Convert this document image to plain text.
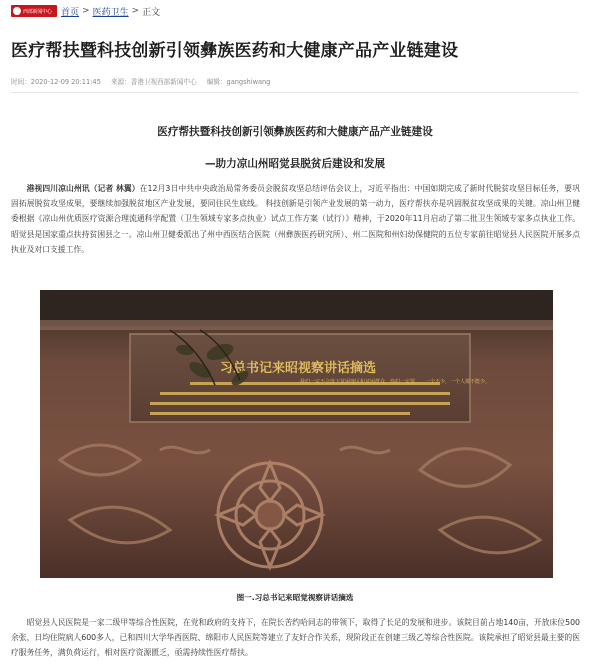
西部新闻中心 首页 > 医药卫生 > 正文
医疗帮扶暨科技创新引领彝族医药和大健康产品产业链建设
时间：2020-12-09 20:11:45 来源：香港卫视西部新闻中心 编辑：gangshiwang
医疗帮扶暨科技创新引领彝族医药和大健康产品产业链建设
—助力凉山州昭觉县脱贫后建设和发展

港视四川凉山州讯（记者 林翼）在12月3日中共中央政治局常务委员会脱贫攻坚总结评估会议上，习近平指出：中国如期完成了新时代脱贫攻坚目标任务，要巩固拓展脱贫攻坚成果，要继续加强脱贫地区产业发展，要同住民生底线。 科技创新是引领产业发展的第一动力，医疗帮扶亦是巩固脱贫攻坚成果的关键。凉山州卫健委根据《凉山州优质医疗资源合理流通科学配置（卫生领域专家多点执业）试点工作方案（试行）》精神，于2020年11月启动了第二批卫生领域专家多点执业工作。 昭觉县是国家重点扶持贫困县之一。凉山州卫健委派出了州中西医结合医院（州彝族医药研究所）、州二医院和州妇幼保健院的五位专家前往昭觉县人民医院开展多点执业及对口支援工作。

习总书记来昭视察讲话摘选
我们一定不会落下贫困地区和贫困群众，你们一定要……一个不少，一个人都不能少。
图一.习总书记来昭觉视察讲话摘选

昭觉县人民医院是一家二级甲等综合性医院，在党和政府的支持下，在院长苦约哈同志的带领下，取得了长足的发展和进步。该院目前占地140亩，开放床位500余张，日均住院病人600多人，已和四川大学华西医院、绵阳市人民医院等建立了友好合作关系，现阶段正在创建三级乙等综合性医院。该院承担了昭觉县最主要的医疗服务任务，满负荷运行，相对医疗资源匮乏，亟需持续性医疗帮扶。
